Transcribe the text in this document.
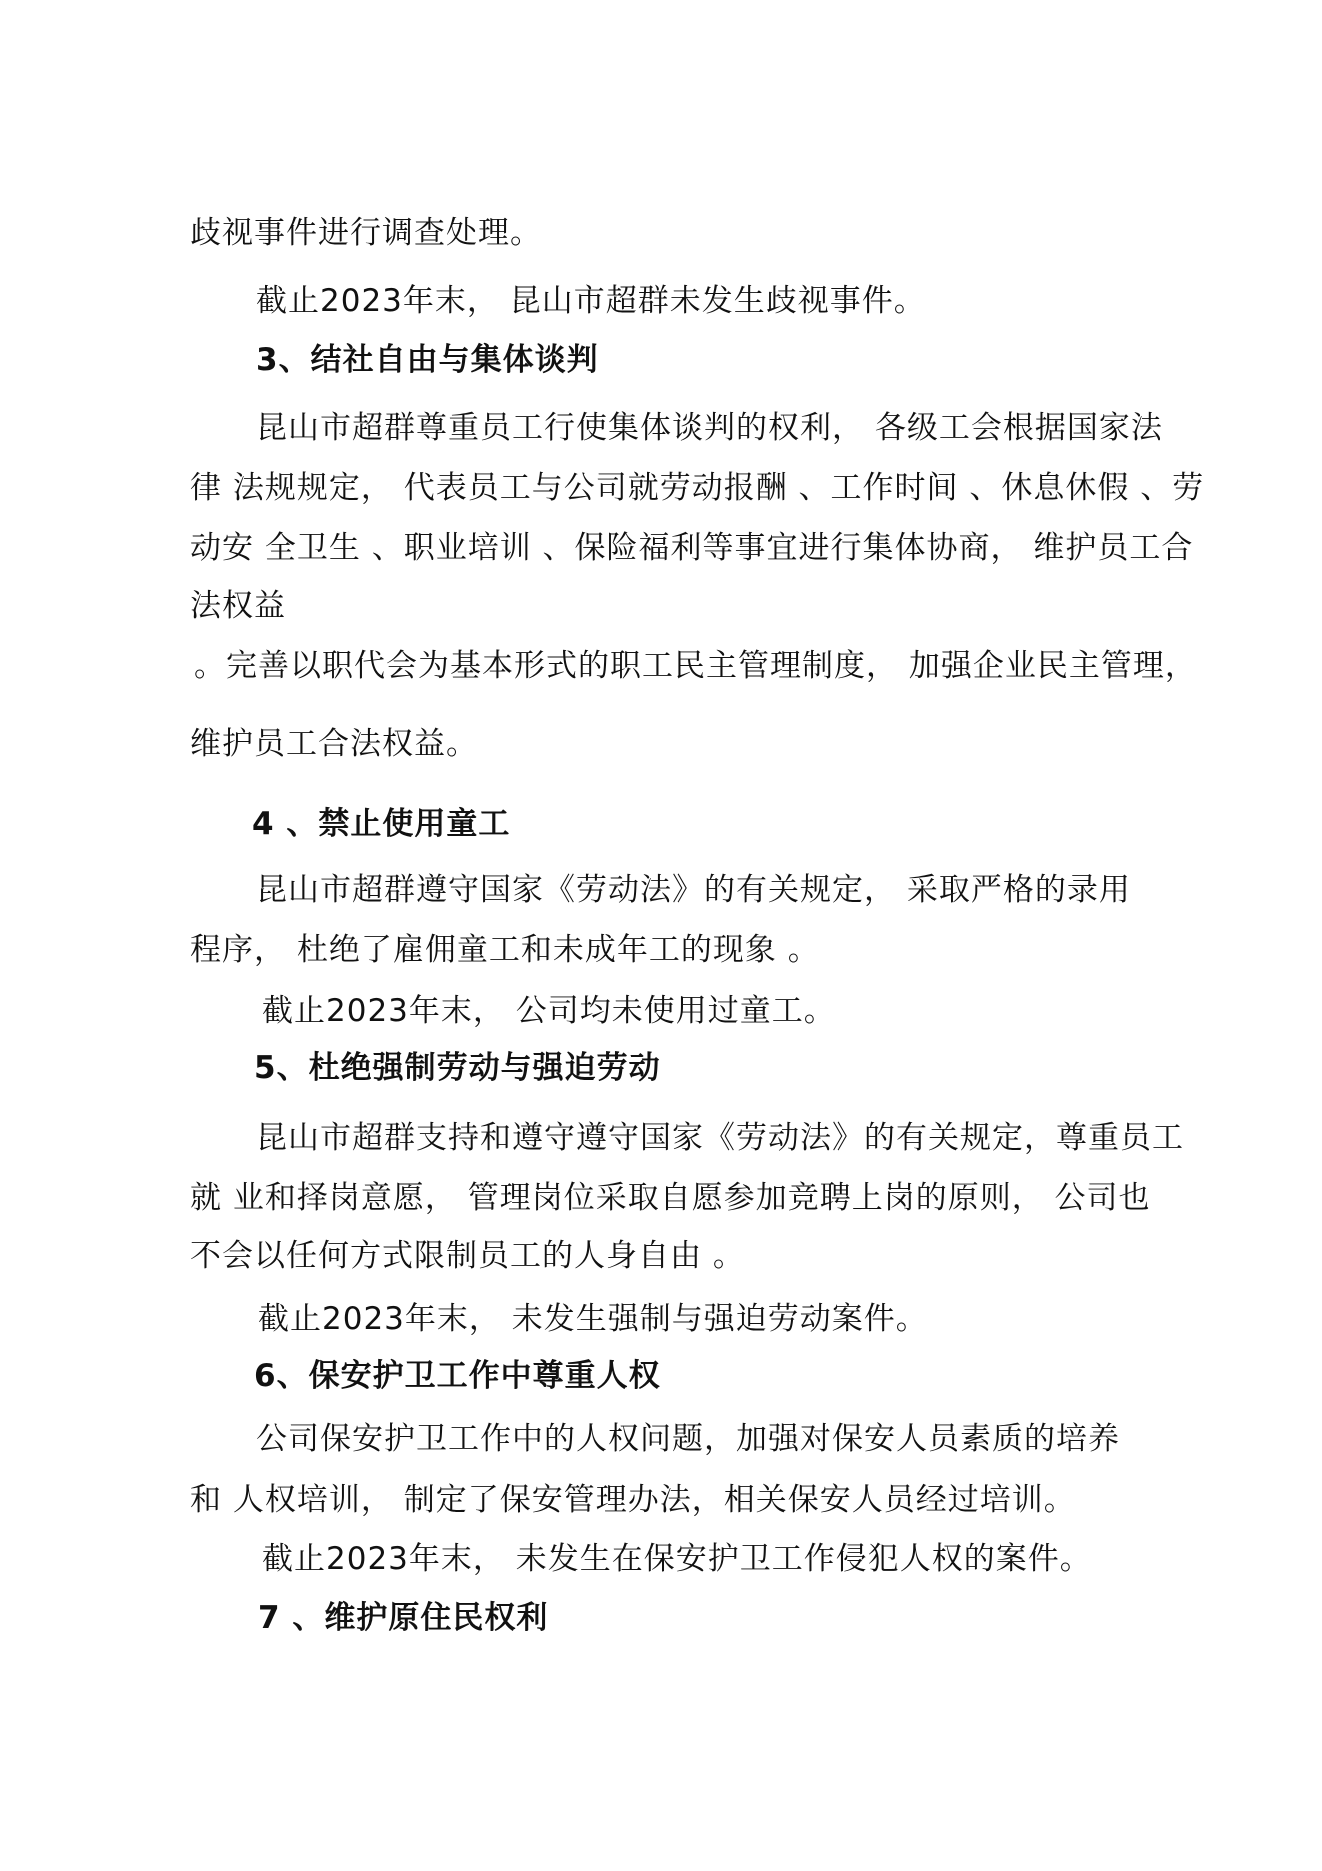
歧视事件进行调查处理。
截止2023年末， 昆山市超群未发生歧视事件。
3、结社自由与集体谈判
昆山市超群尊重员工行使集体谈判的权利， 各级工会根据国家法
律 法规规定， 代表员工与公司就劳动报酬 、工作时间 、休息休假 、劳
动安 全卫生 、职业培训 、保险福利等事宜进行集体协商， 维护员工合
法权益
。完善以职代会为基本形式的职工民主管理制度， 加强企业民主管理，
维护员工合法权益。
4 、禁止使用童工
昆山市超群遵守国家《劳动法》的有关规定， 采取严格的录用
程序， 杜绝了雇佣童工和未成年工的现象 。
截止2023年末， 公司均未使用过童工。
5、杜绝强制劳动与强迫劳动
昆山市超群支持和遵守遵守国家《劳动法》的有关规定，尊重员工
就 业和择岗意愿， 管理岗位采取自愿参加竞聘上岗的原则， 公司也
不会以任何方式限制员工的人身自由 。
截止2023年末， 未发生强制与强迫劳动案件。
6、保安护卫工作中尊重人权
公司保安护卫工作中的人权问题，加强对保安人员素质的培养
和 人权培训， 制定了保安管理办法，相关保安人员经过培训。
截止2023年末， 未发生在保安护卫工作侵犯人权的案件。
7 、维护原住民权利
